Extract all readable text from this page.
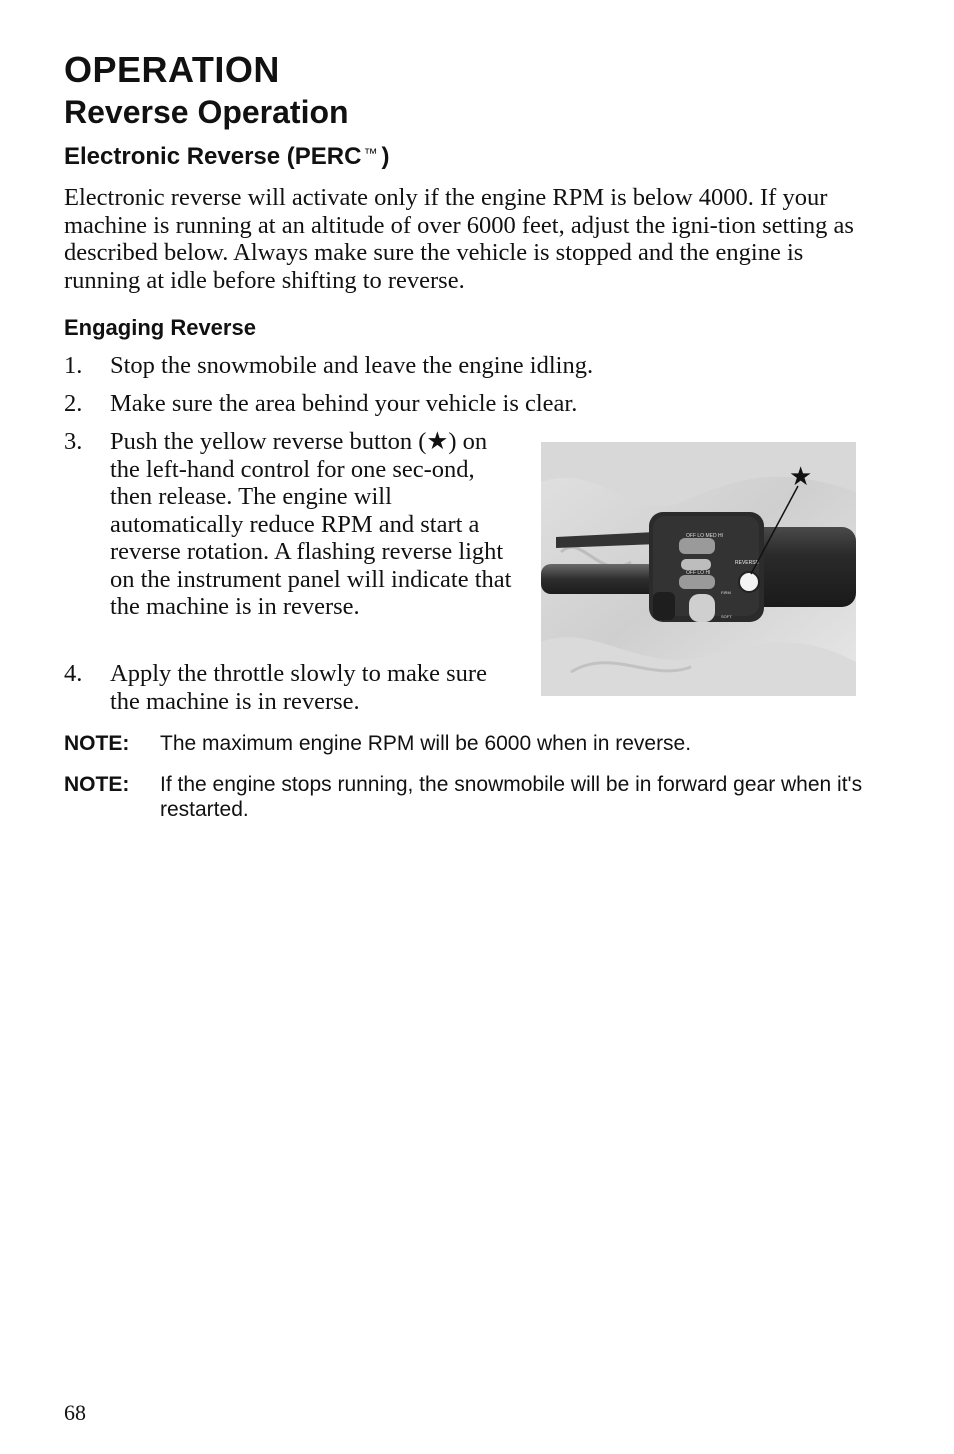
OPERATION
Reverse Operation
Electronic Reverse (PERC ™ )

Electronic reverse will activate only if the engine RPM is below 4000. If your machine is running at an altitude of over 6000 feet, adjust the igni-tion setting as described below. Always make sure the vehicle is stopped and the engine is running at idle before shifting to reverse.

Engaging Reverse
1. Stop the snowmobile and leave the engine idling.
2. Make sure the area behind your vehicle is clear.
3. Push the yellow reverse button (★) on the left-hand control for one sec-ond, then release. The engine will automatically reduce RPM and start a reverse rotation. A flashing reverse light on the instrument panel will indicate that the machine is in reverse.
4. Apply the throttle slowly to make sure the machine is in reverse.
OFF LO MED HI
OFF LO HI
REVERSE
FIRM
SOFT
★
NOTE: The maximum engine RPM will be 6000 when in reverse.
NOTE: If the engine stops running, the snowmobile will be in forward gear when it's restarted.

68
